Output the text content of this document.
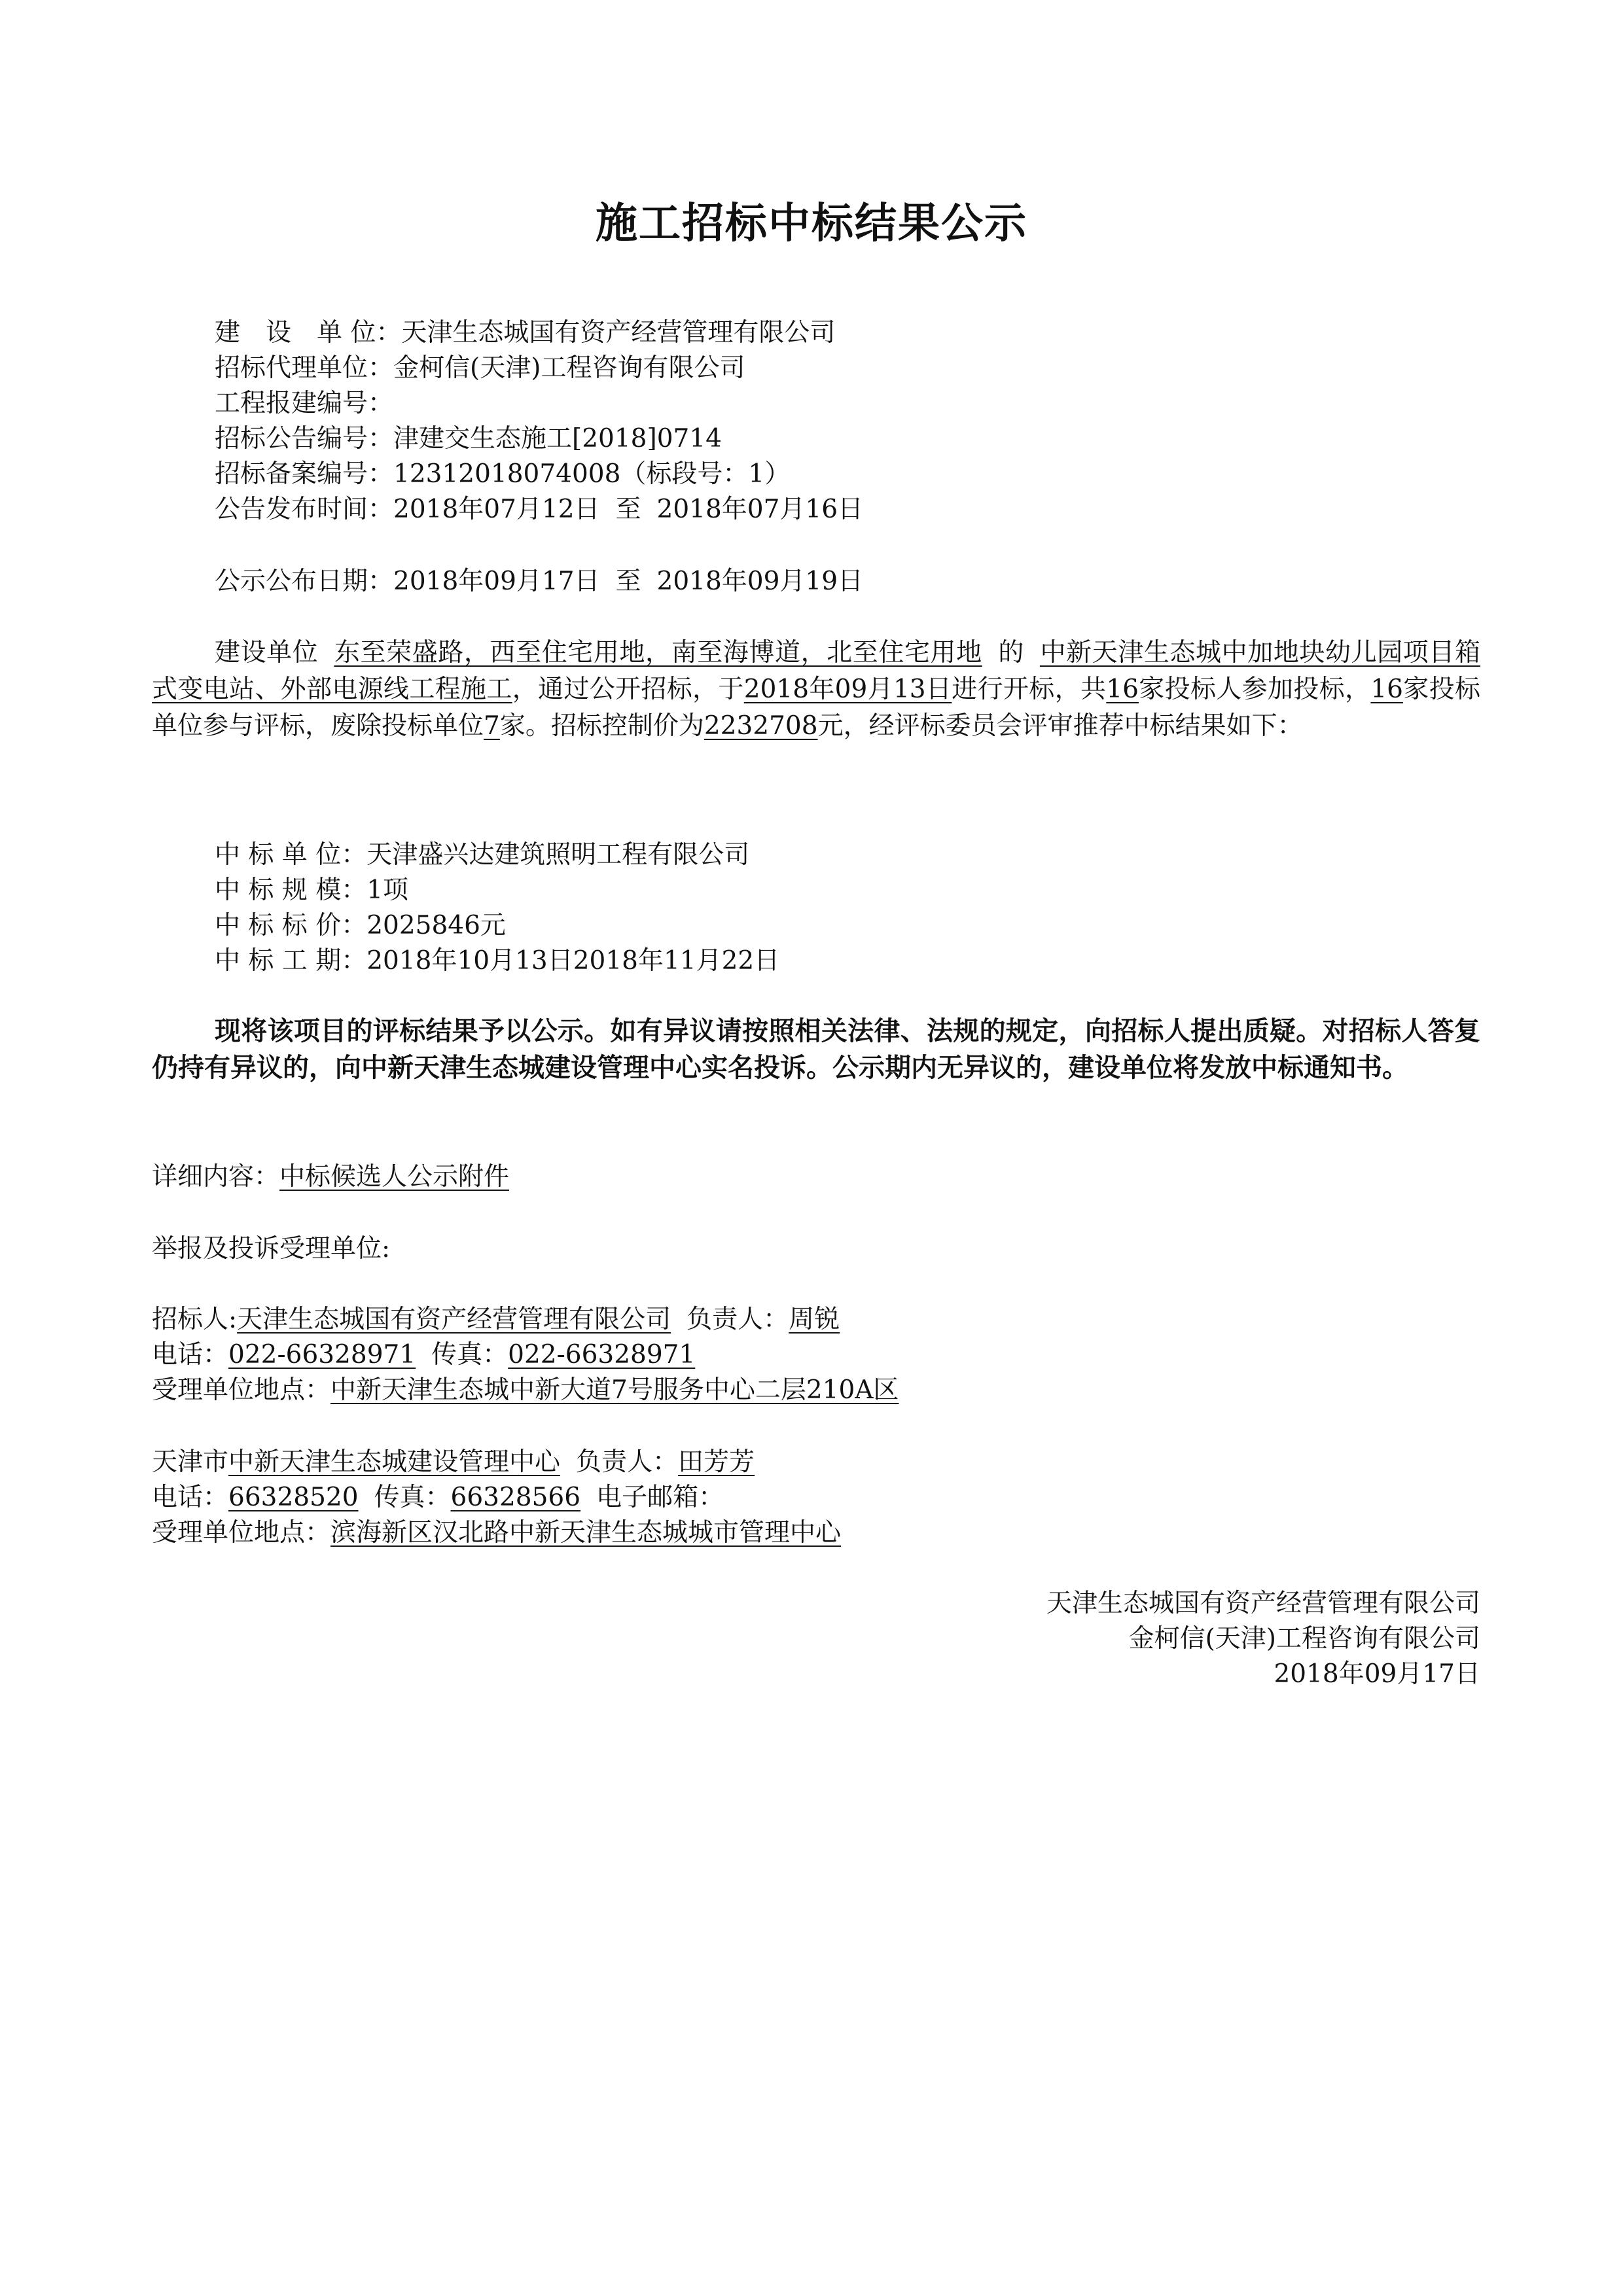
施工招标中标结果公示
建　设　单 位：天津生态城国有资产经营管理有限公司
招标代理单位：金柯信(天津)工程咨询有限公司
工程报建编号：
招标公告编号：津建交生态施工[2018]0714
招标备案编号：12312018074008（标段号：1）
公告发布时间：2018年07月12日 至 2018年07月16日
公示公布日期：2018年09月17日 至 2018年09月19日
建设单位 东至荣盛路，西至住宅用地，南至海博道，北至住宅用地 的 中新天津生态城中加地块幼儿园项目箱式变电站、外部电源线工程施工，通过公开招标，于2018年09月13日进行开标，共16家投标人参加投标，16家投标单位参与评标，废除投标单位7家。招标控制价为2232708元，经评标委员会评审推荐中标结果如下：
中 标 单 位：天津盛兴达建筑照明工程有限公司
中 标 规 模：1项
中 标 标 价：2025846元
中 标 工 期：2018年10月13日2018年11月22日
现将该项目的评标结果予以公示。如有异议请按照相关法律、法规的规定，向招标人提出质疑。对招标人答复仍持有异议的，向中新天津生态城建设管理中心实名投诉。公示期内无异议的，建设单位将发放中标通知书。
详细内容：中标候选人公示附件
举报及投诉受理单位:
招标人:天津生态城国有资产经营管理有限公司 负责人：周锐
电话：022-66328971 传真：022-66328971
受理单位地点：中新天津生态城中新大道7号服务中心二层210A区
天津市中新天津生态城建设管理中心 负责人：田芳芳
电话：66328520 传真：66328566 电子邮箱：
受理单位地点：滨海新区汉北路中新天津生态城城市管理中心
天津生态城国有资产经营管理有限公司
金柯信(天津)工程咨询有限公司
2018年09月17日
